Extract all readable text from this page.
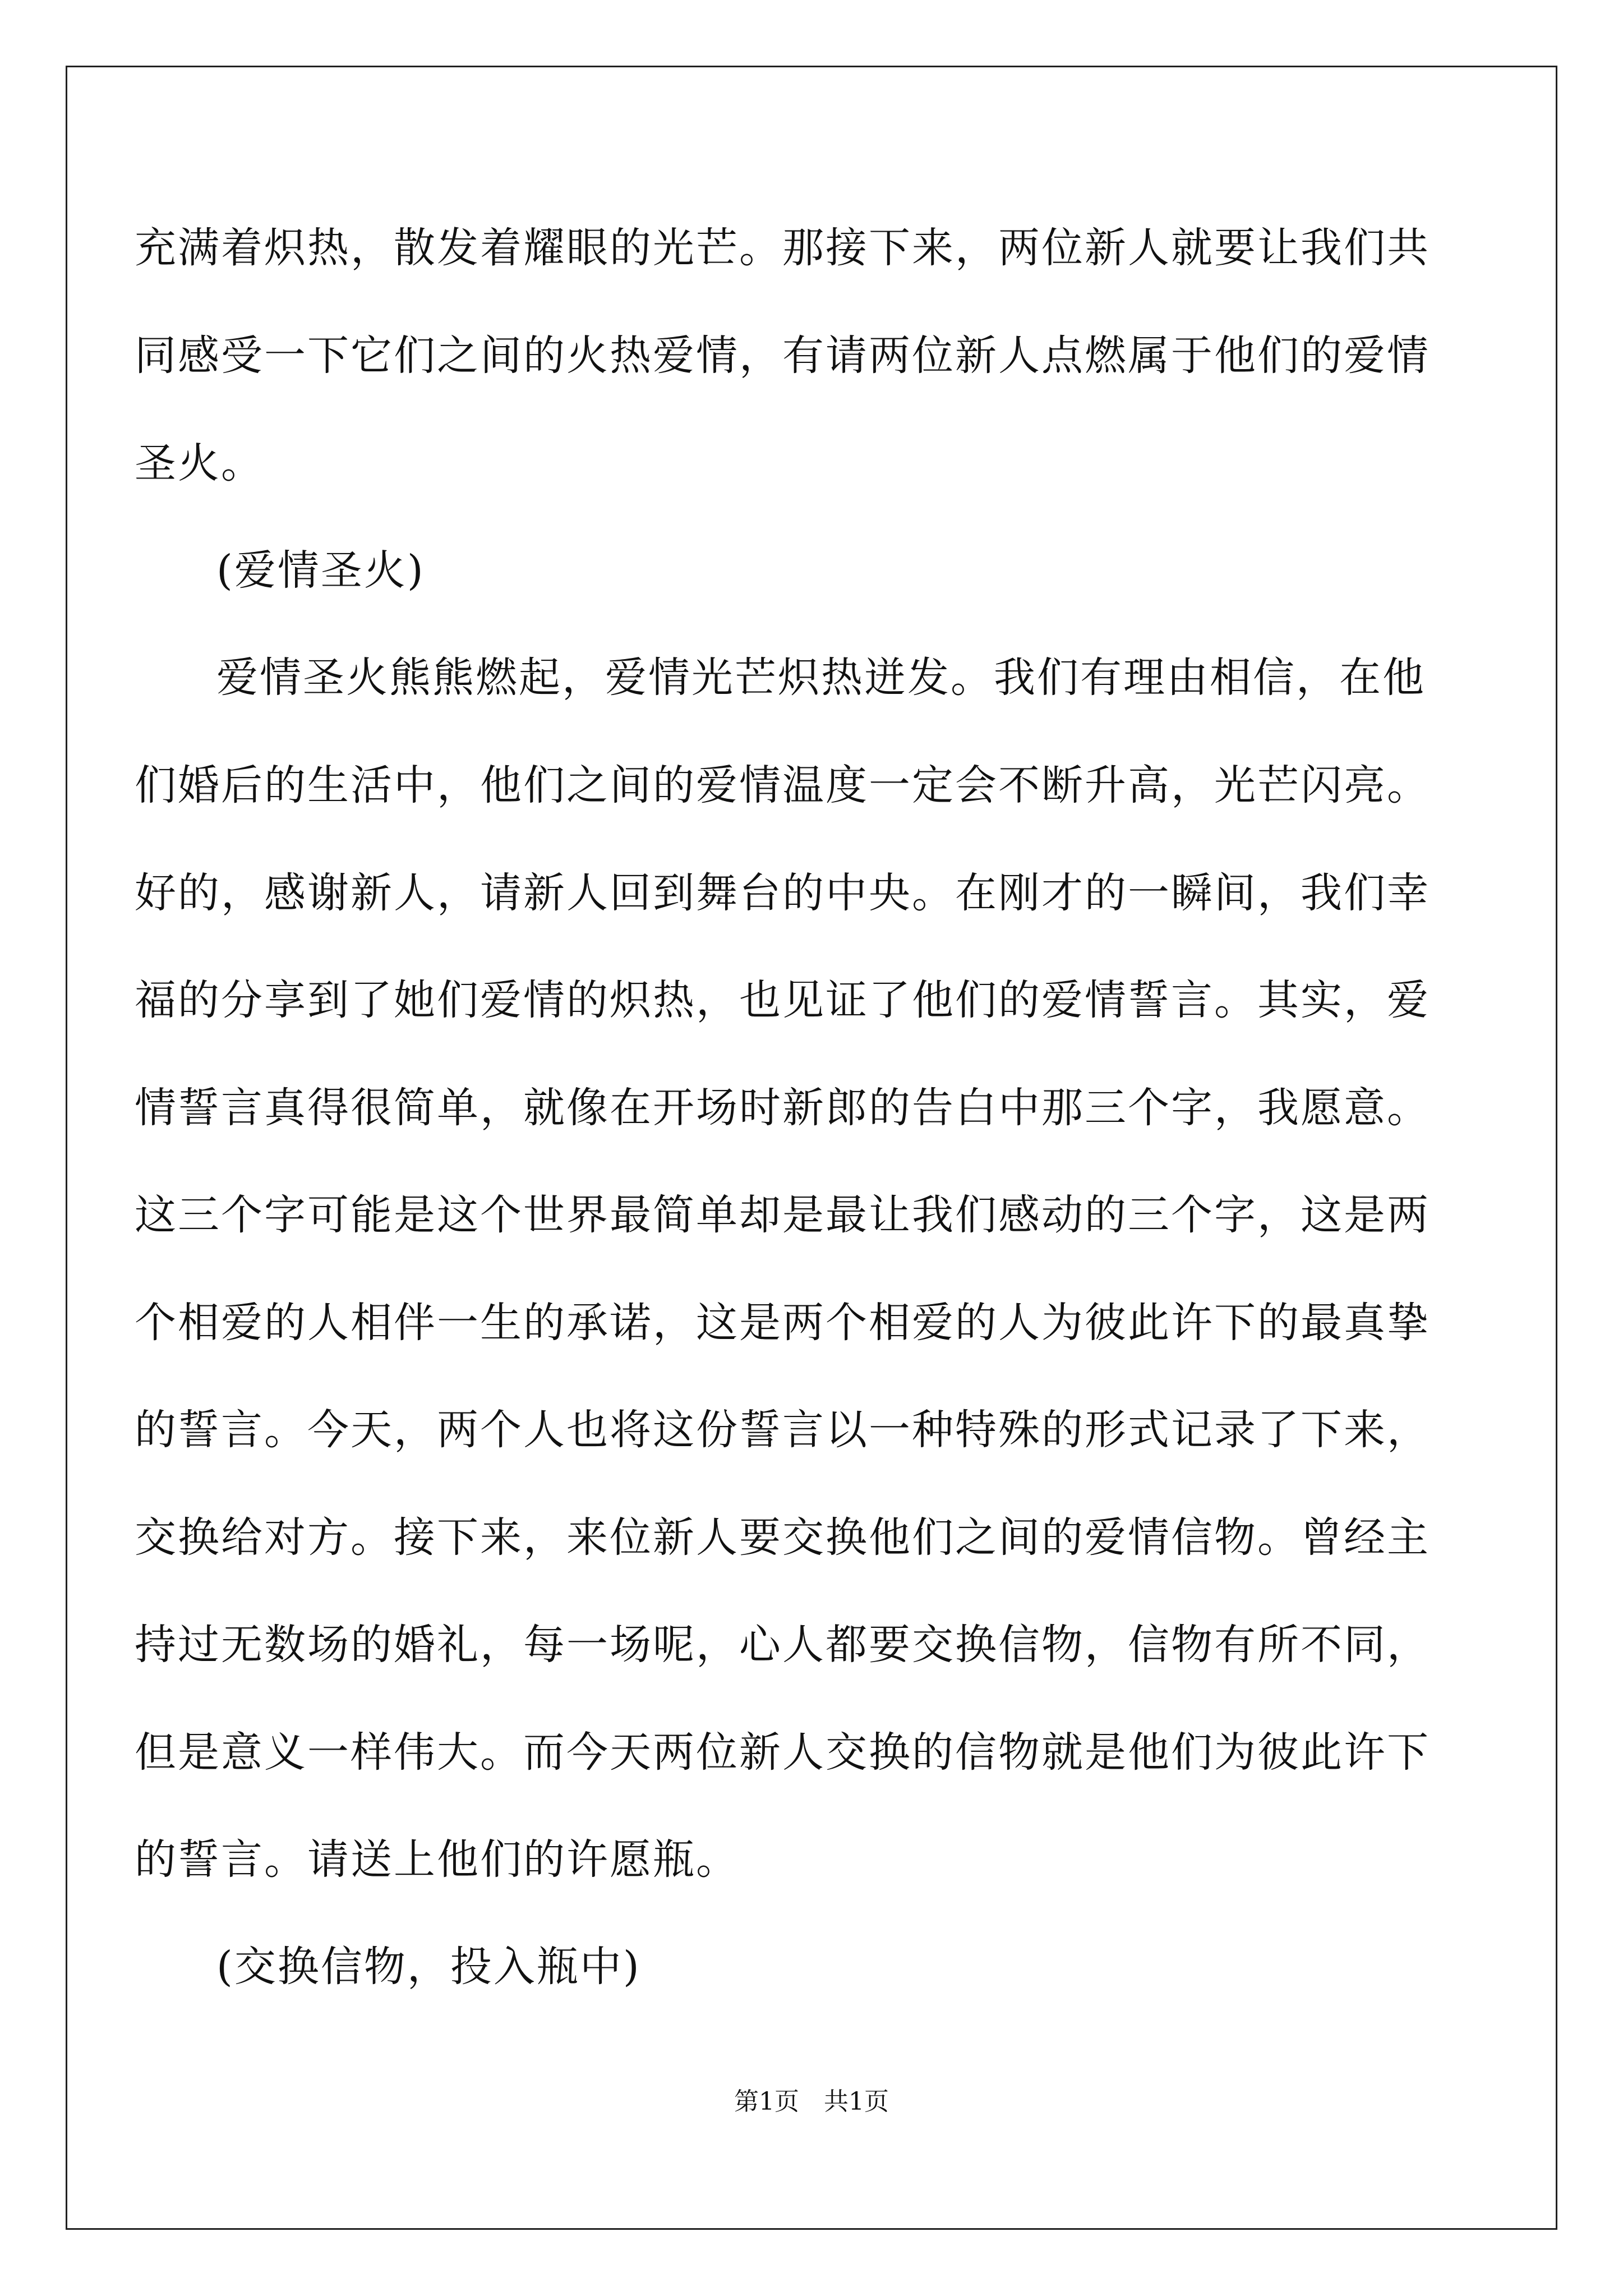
充满着炽热，散发着耀眼的光芒。那接下来，两位新人就要让我们共
同感受一下它们之间的火热爱情，有请两位新人点燃属于他们的爱情
圣火。
(爱情圣火)
爱情圣火熊熊燃起，爱情光芒炽热迸发。我们有理由相信，在他
们婚后的生活中，他们之间的爱情温度一定会不断升高，光芒闪亮。
好的，感谢新人，请新人回到舞台的中央。在刚才的一瞬间，我们幸
福的分享到了她们爱情的炽热，也见证了他们的爱情誓言。其实，爱
情誓言真得很简单，就像在开场时新郎的告白中那三个字，我愿意。
这三个字可能是这个世界最简单却是最让我们感动的三个字，这是两
个相爱的人相伴一生的承诺，这是两个相爱的人为彼此许下的最真挚
的誓言。今天，两个人也将这份誓言以一种特殊的形式记录了下来，
交换给对方。接下来，来位新人要交换他们之间的爱情信物。曾经主
持过无数场的婚礼，每一场呢，心人都要交换信物，信物有所不同，
但是意义一样伟大。而今天两位新人交换的信物就是他们为彼此许下
的誓言。请送上他们的许愿瓶。
(交换信物，投入瓶中)
第1页　共1页
